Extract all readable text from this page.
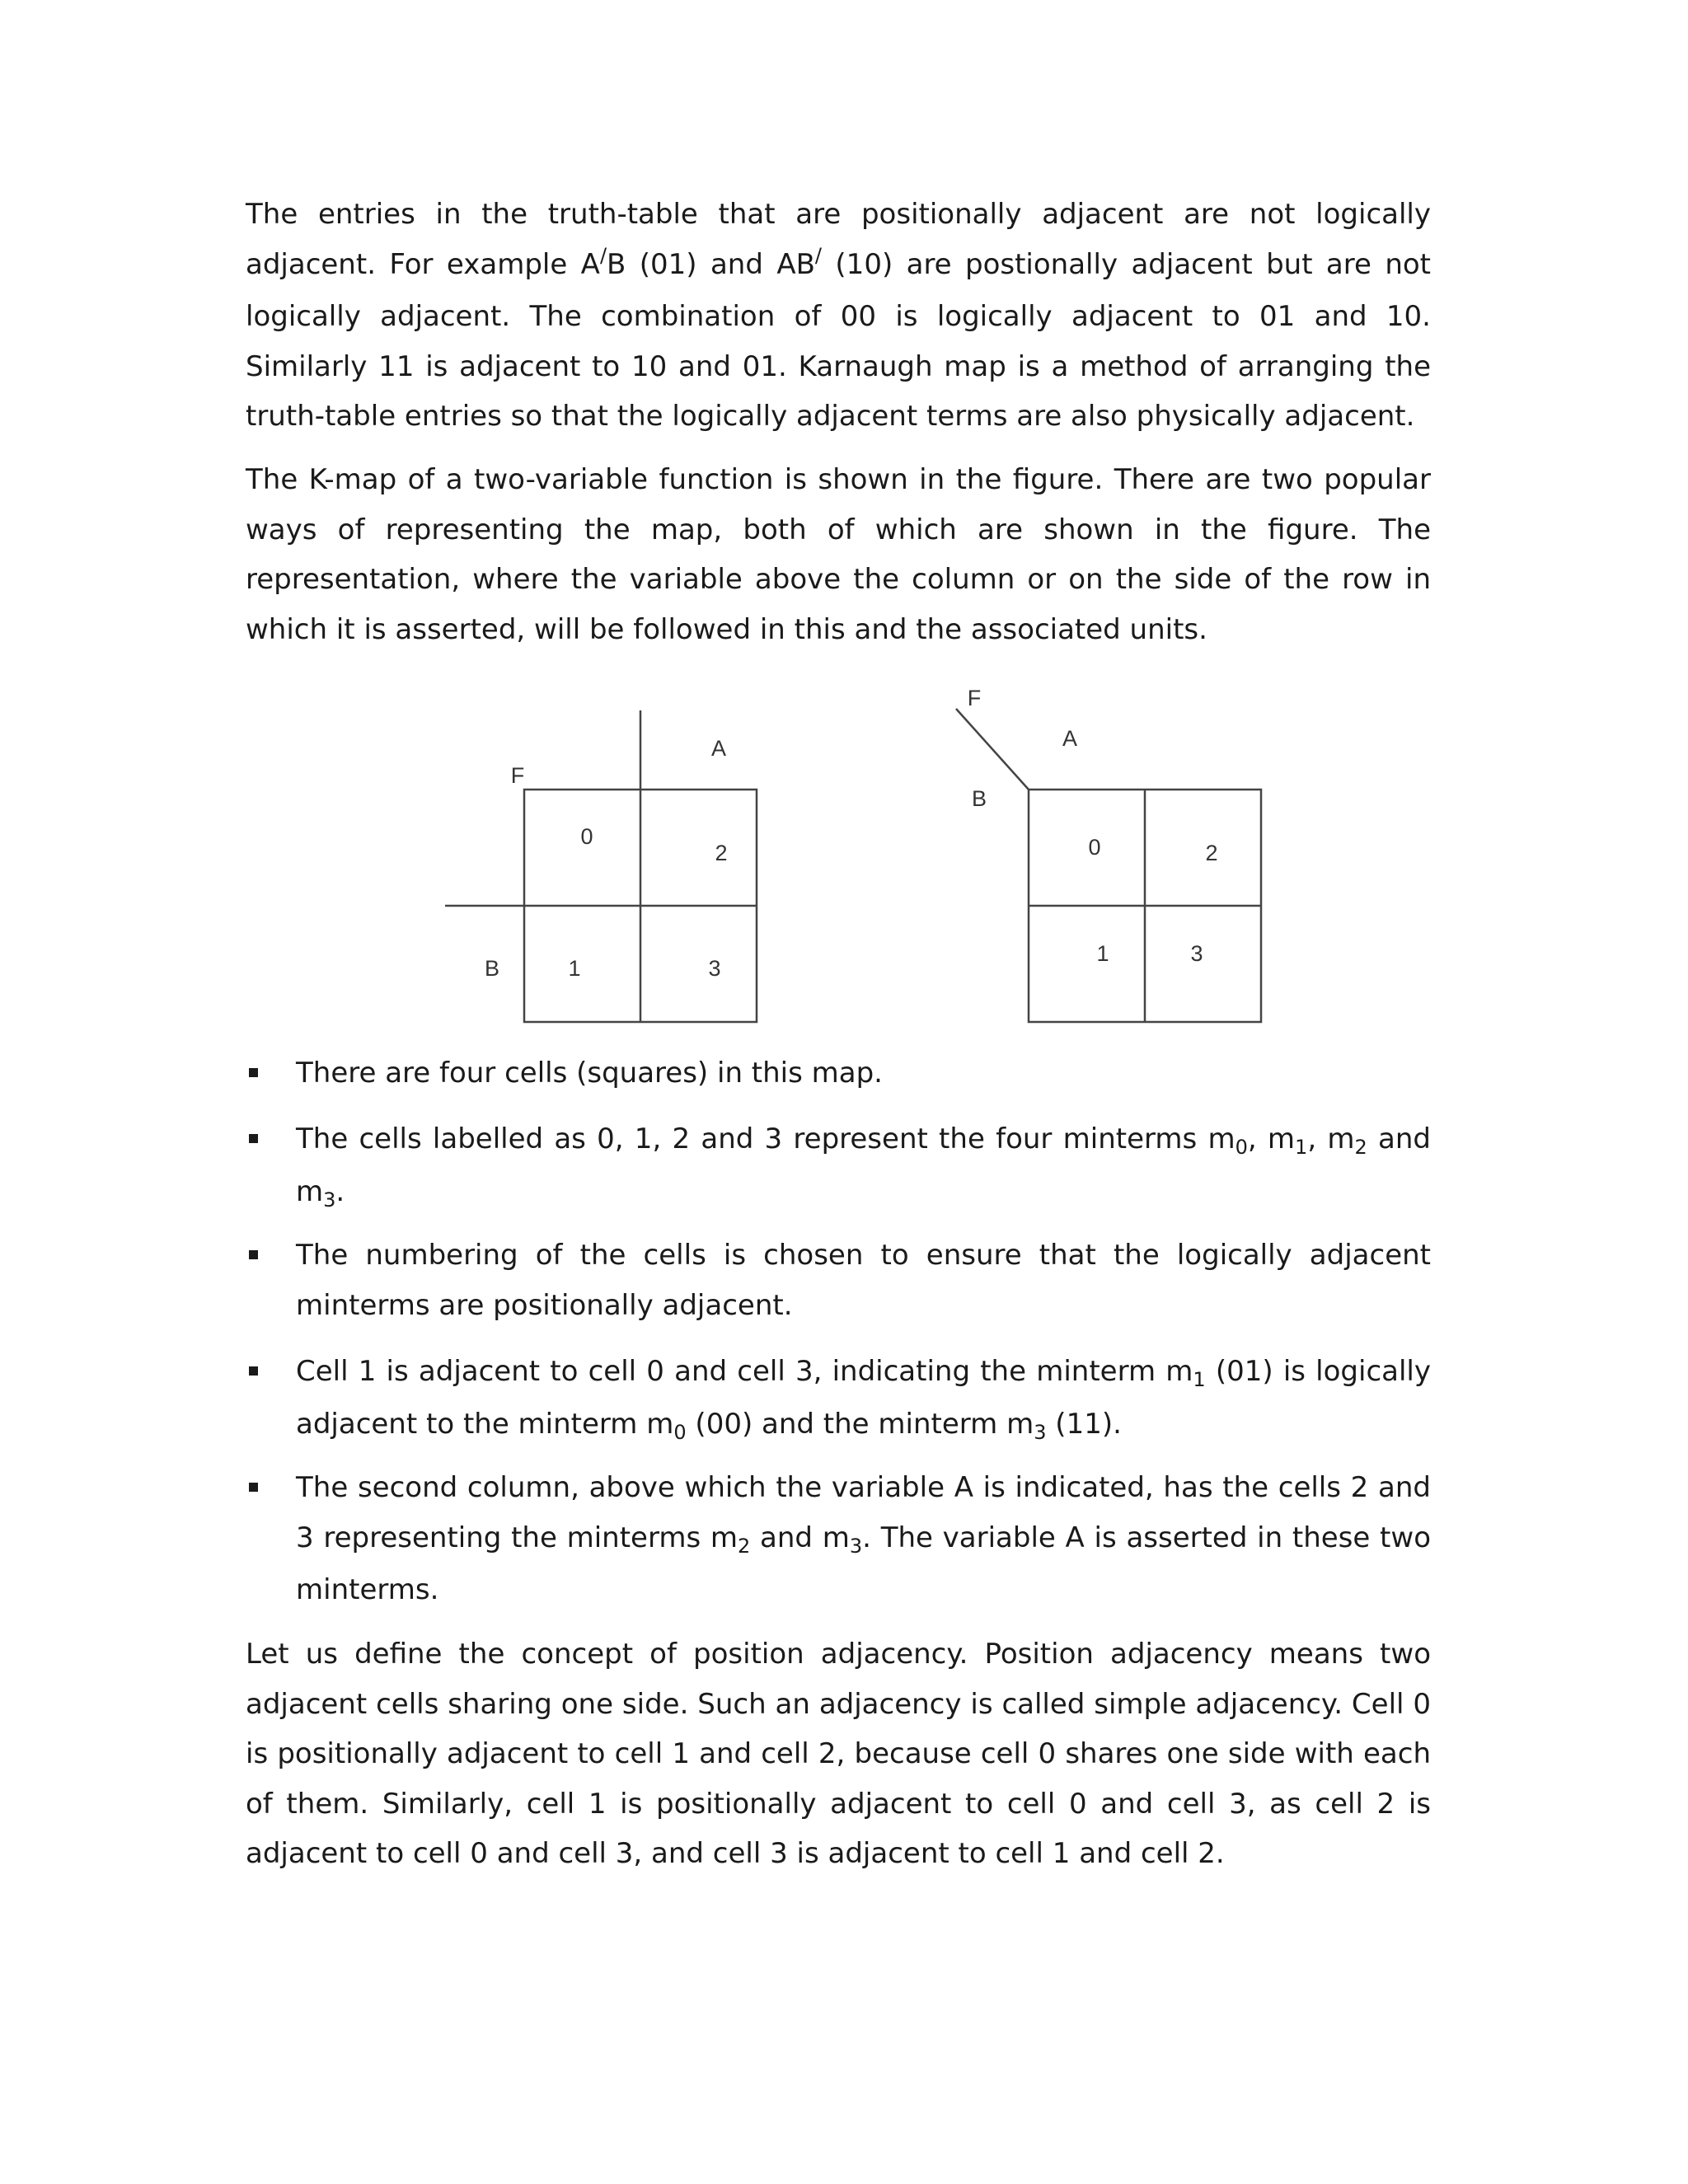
The entries in the truth-table that are positionally adjacent are not logically adjacent. For example A/B (01) and AB/ (10) are postionally adjacent but are not logically adjacent. The combination of 00 is logically adjacent to 01 and 10. Similarly 11 is adjacent to 10 and 01. Karnaugh map is a method of arranging the truth-table entries so that the logically adjacent terms are also physically adjacent.

The K-map of a two-variable function is shown in the figure. There are two popular ways of representing the map, both of which are shown in the figure. The representation, where the variable above the column or on the side of the row in which it is asserted, will be followed in this and the associated units.

F
A
B
0
1
2
3
F
A
B
0
1
2
3

There are four cells (squares) in this map.

The cells labelled as 0, 1, 2 and 3 represent the four minterms $m_0$, $m_1$, $m_2$ and $m_3$.

The numbering of the cells is chosen to ensure that the logically adjacent minterms are positionally adjacent.

Cell 1 is adjacent to cell 0 and cell 3, indicating the minterm $m_1$ (01) is logically adjacent to the minterm $m_0$ (00) and the minterm $m_3$ (11).

The second column, above which the variable A is indicated, has the cells 2 and 3 representing the minterms $m_2$ and $m_3$. The variable A is asserted in these two minterms.

Let us define the concept of position adjacency. Position adjacency means two adjacent cells sharing one side. Such an adjacency is called simple adjacency. Cell 0 is positionally adjacent to cell 1 and cell 2, because cell 0 shares one side with each of them. Similarly, cell 1 is positionally adjacent to cell 0 and cell 3, as cell 2 is adjacent to cell 0 and cell 3, and cell 3 is adjacent to cell 1 and cell 2.
